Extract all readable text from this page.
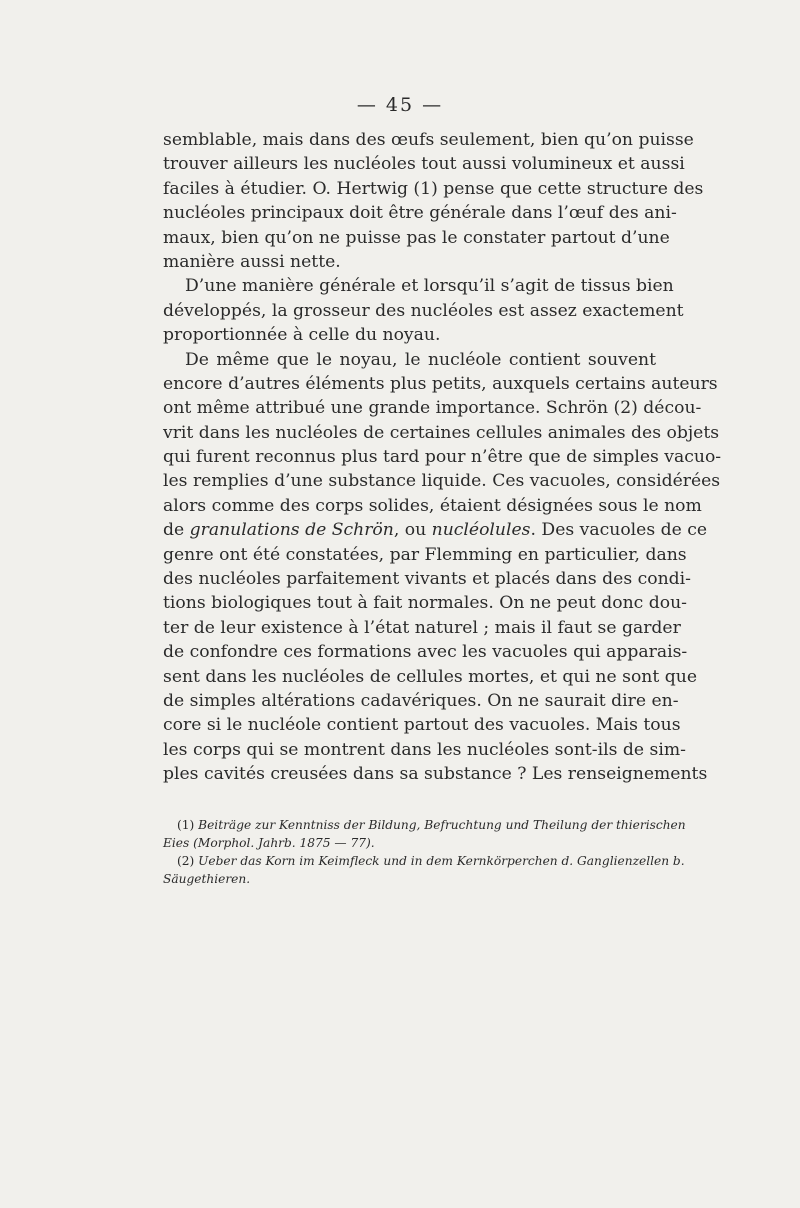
— 45 —
semblable, mais dans des œufs seulement, bien qu’on puisse
trouver ailleurs les nucléoles tout aussi volumineux et aussi
faciles à étudier. O. Hertwig (1) pense que cette structure des
nucléoles principaux doit être générale dans l’œuf des ani-
maux, bien qu’on ne puisse pas le constater partout d’une
manière aussi nette.
D’une manière générale et lorsqu’il s’agit de tissus bien
développés, la grosseur des nucléoles est assez exactement
proportionnée à celle du noyau.
De même que le noyau, le nucléole contient souvent
encore d’autres éléments plus petits, auxquels certains auteurs
ont même attribué une grande importance. Schrön (2) décou-
vrit dans les nucléoles de certaines cellules animales des objets
qui furent reconnus plus tard pour n’être que de simples vacuo-
les remplies d’une substance liquide. Ces vacuoles, considérées
alors comme des corps solides, étaient désignées sous le nom
de granulations de Schrön, ou nucléolules. Des vacuoles de ce
genre ont été constatées, par Flemming en particulier, dans
des nucléoles parfaitement vivants et placés dans des condi-
tions biologiques tout à fait normales. On ne peut donc dou-
ter de leur existence à l’état naturel ; mais il faut se garder
de confondre ces formations avec les vacuoles qui apparais-
sent dans les nucléoles de cellules mortes, et qui ne sont que
de simples altérations cadavériques. On ne saurait dire en-
core si le nucléole contient partout des vacuoles. Mais tous
les corps qui se montrent dans les nucléoles sont-ils de sim-
ples cavités creusées dans sa substance ? Les renseignements
(1) Beiträge zur Kenntniss der Bildung, Befruchtung und Theilung der thierischen
Eies (Morphol. Jahrb. 1875 — 77).
(2) Ueber das Korn im Keimfleck und in dem Kernkörperchen d. Ganglienzellen b.
Säugethieren.
